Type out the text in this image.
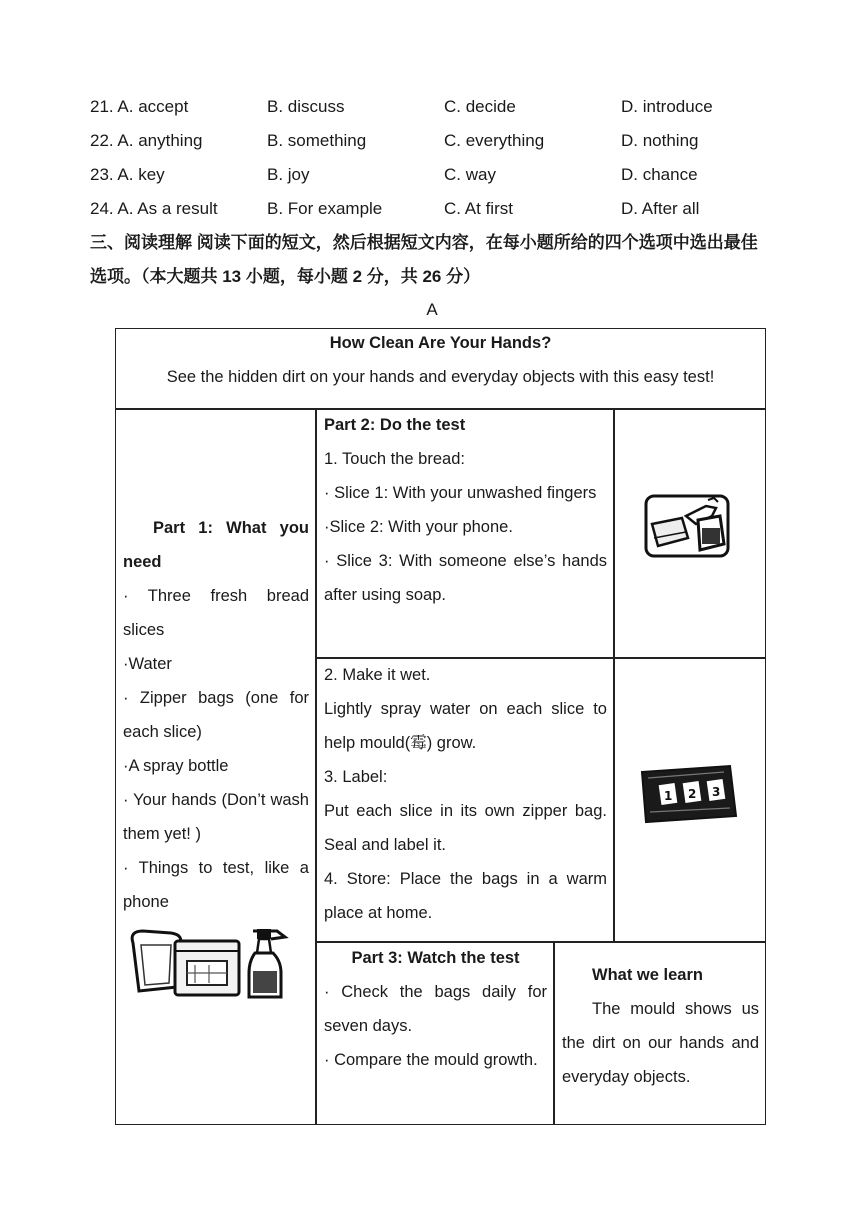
21. A. accept	B. discuss	C. decide	D. introduce
22. A. anything	B. something	C. everything	D. nothing
23. A. key	B. joy	C. way	D. chance
24. A. As a result	B. For example	C. At first	D. After all
三、阅读理解 阅读下面的短文，然后根据短文内容，在每小题所给的四个选项中选出最佳
选项。（本大题共 13 小题，每小题 2 分，共 26 分）
A
How Clean Are Your Hands?
See the hidden dirt on your hands and everyday objects with this easy test!
Part 1: What you need
· Three fresh bread slices
·Water
· Zipper bags (one for each slice)
·A spray bottle
· Your hands (Don’t wash them yet! )
· Things to test, like a phone
Part 2: Do the test
1. Touch the bread:
· Slice 1: With your unwashed fingers
·Slice 2: With your phone.
· Slice 3: With someone else’s hands after using soap.
2. Make it wet.
Lightly spray water on each slice to help mould(霉) grow.
3. Label:
Put each slice in its own zipper bag. Seal and label it.
4. Store: Place the bags in a warm place at home.
1 2 3
Part 3: Watch the test
· Check the bags daily for seven days.
· Compare the mould growth.
What we learn
The mould shows us the dirt on our hands and everyday objects.
